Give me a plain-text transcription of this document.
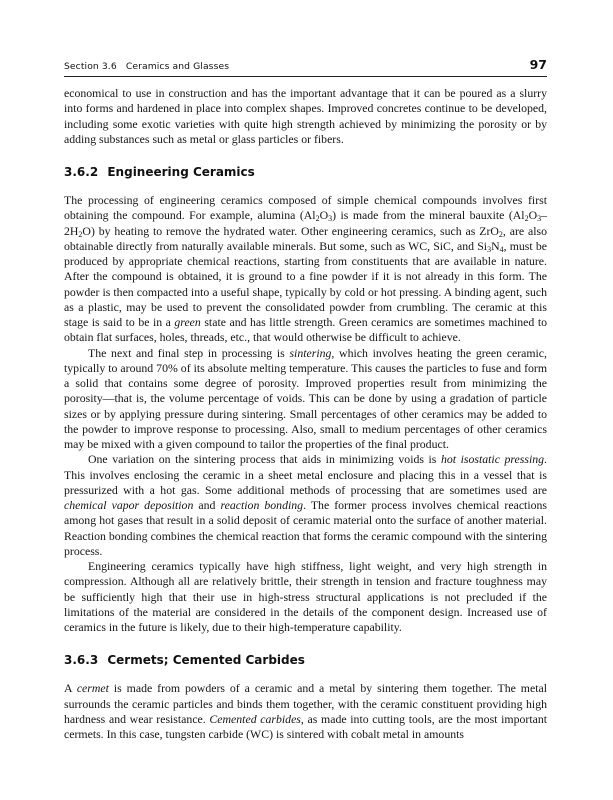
Section 3.6 Ceramics and Glasses	97

economical to use in construction and has the important advantage that it can be poured as a slurry into forms and hardened in place into complex shapes. Improved concretes continue to be developed, including some exotic varieties with quite high strength achieved by minimizing the porosity or by adding substances such as metal or glass particles or fibers.

3.6.2 Engineering Ceramics

The processing of engineering ceramics composed of simple chemical compounds involves first obtaining the compound. For example, alumina $(Al_2O_3)$ is made from the mineral bauxite $(Al_2O_3-2H_2O)$ by heating to remove the hydrated water. Other engineering ceramics, such as ZrO$_2$, are also obtainable directly from naturally available minerals. But some, such as WC, SiC, and $Si_3N_4$, must be produced by appropriate chemical reactions, starting from constituents that are available in nature. After the compound is obtained, it is ground to a fine powder if it is not already in this form. The powder is then compacted into a useful shape, typically by cold or hot pressing. A binding agent, such as a plastic, may be used to prevent the consolidated powder from crumbling. The ceramic at this stage is said to be in a green state and has little strength. Green ceramics are sometimes machined to obtain flat surfaces, holes, threads, etc., that would otherwise be difficult to achieve.

The next and final step in processing is sintering, which involves heating the green ceramic, typically to around 70% of its absolute melting temperature. This causes the particles to fuse and form a solid that contains some degree of porosity. Improved properties result from minimizing the porosity—that is, the volume percentage of voids. This can be done by using a gradation of particle sizes or by applying pressure during sintering. Small percentages of other ceramics may be added to the powder to improve response to processing. Also, small to medium percentages of other ceramics may be mixed with a given compound to tailor the properties of the final product.

One variation on the sintering process that aids in minimizing voids is hot isostatic pressing. This involves enclosing the ceramic in a sheet metal enclosure and placing this in a vessel that is pressurized with a hot gas. Some additional methods of processing that are sometimes used are chemical vapor deposition and reaction bonding. The former process involves chemical reactions among hot gases that result in a solid deposit of ceramic material onto the surface of another material. Reaction bonding combines the chemical reaction that forms the ceramic compound with the sintering process.

Engineering ceramics typically have high stiffness, light weight, and very high strength in compression. Although all are relatively brittle, their strength in tension and fracture toughness may be sufficiently high that their use in high-stress structural applications is not precluded if the limitations of the material are considered in the details of the component design. Increased use of ceramics in the future is likely, due to their high-temperature capability.

3.6.3 Cermets; Cemented Carbides

A cermet is made from powders of a ceramic and a metal by sintering them together. The metal surrounds the ceramic particles and binds them together, with the ceramic constituent providing high hardness and wear resistance. Cemented carbides, as made into cutting tools, are the most important cermets. In this case, tungsten carbide (WC) is sintered with cobalt metal in amounts
